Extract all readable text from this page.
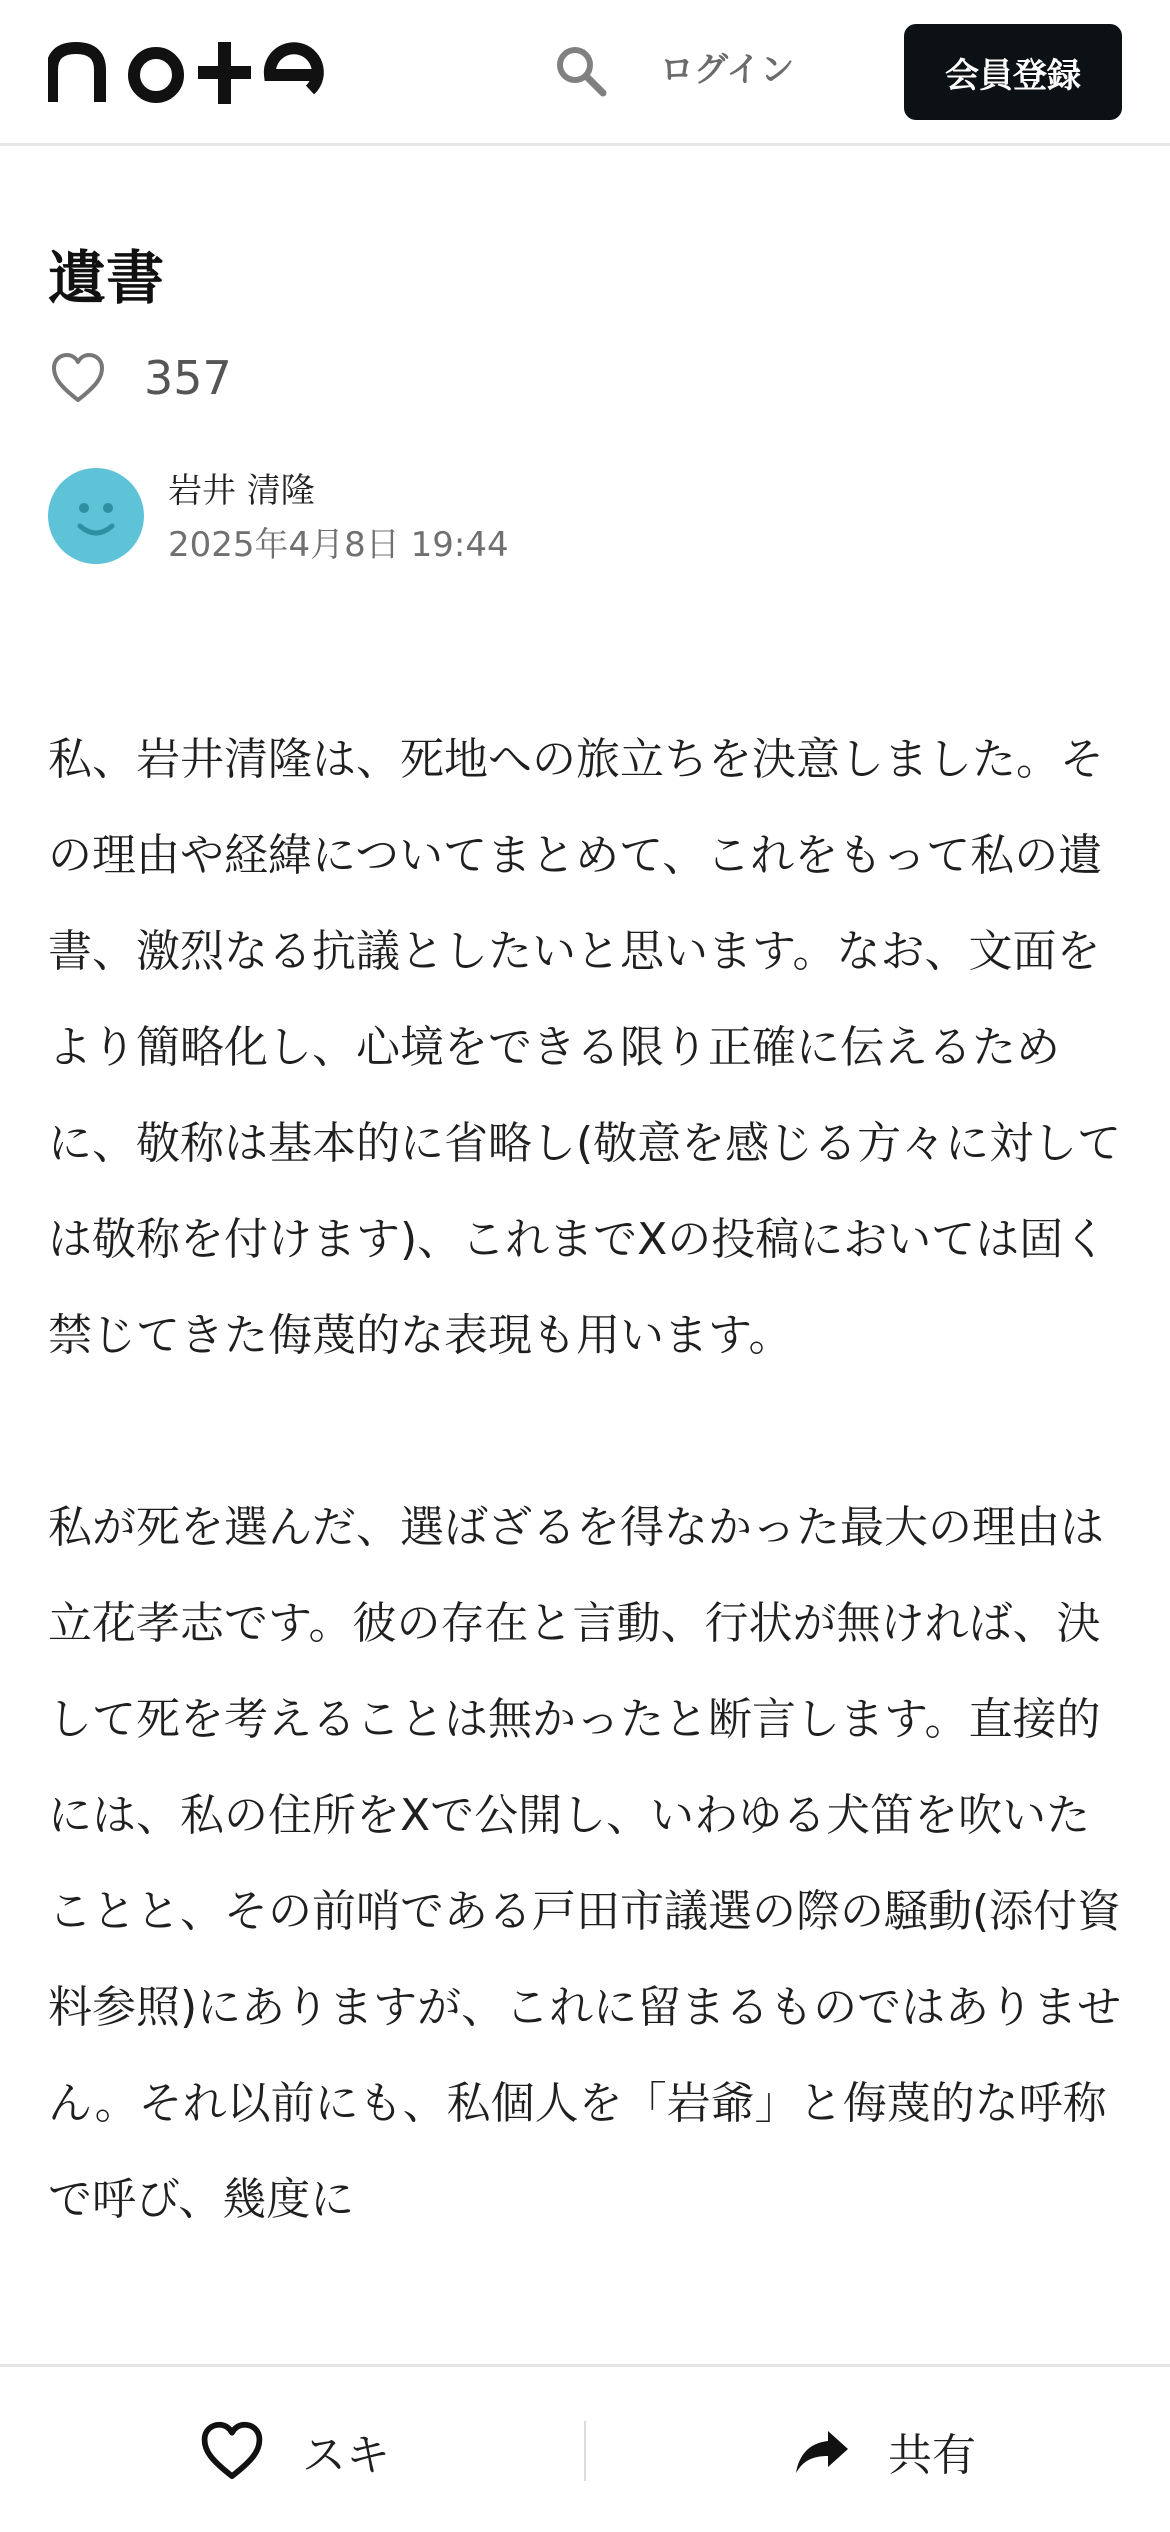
ログイン	会員登録
遺書
357
岩井 清隆
2025年4月8日 19:44

私、岩井清隆は、死地への旅立ちを決意しました。その理由や経緯についてまとめて、これをもって私の遺書、激烈なる抗議としたいと思います。なお、文面をより簡略化し、心境をできる限り正確に伝えるために、敬称は基本的に省略し(敬意を感じる方々に対しては敬称を付けます)、これまでXの投稿においては固く禁じてきた侮蔑的な表現も用います。

私が死を選んだ、選ばざるを得なかった最大の理由は立花孝志です。彼の存在と言動、行状が無ければ、決して死を考えることは無かったと断言します。直接的には、私の住所をXで公開し、いわゆる犬笛を吹いたことと、その前哨である戸田市議選の際の騒動(添付資料参照)にありますが、これに留まるものではありません。それ以前にも、私個人を「岩爺」と侮蔑的な呼称で呼び、幾度に

スキ	共有
